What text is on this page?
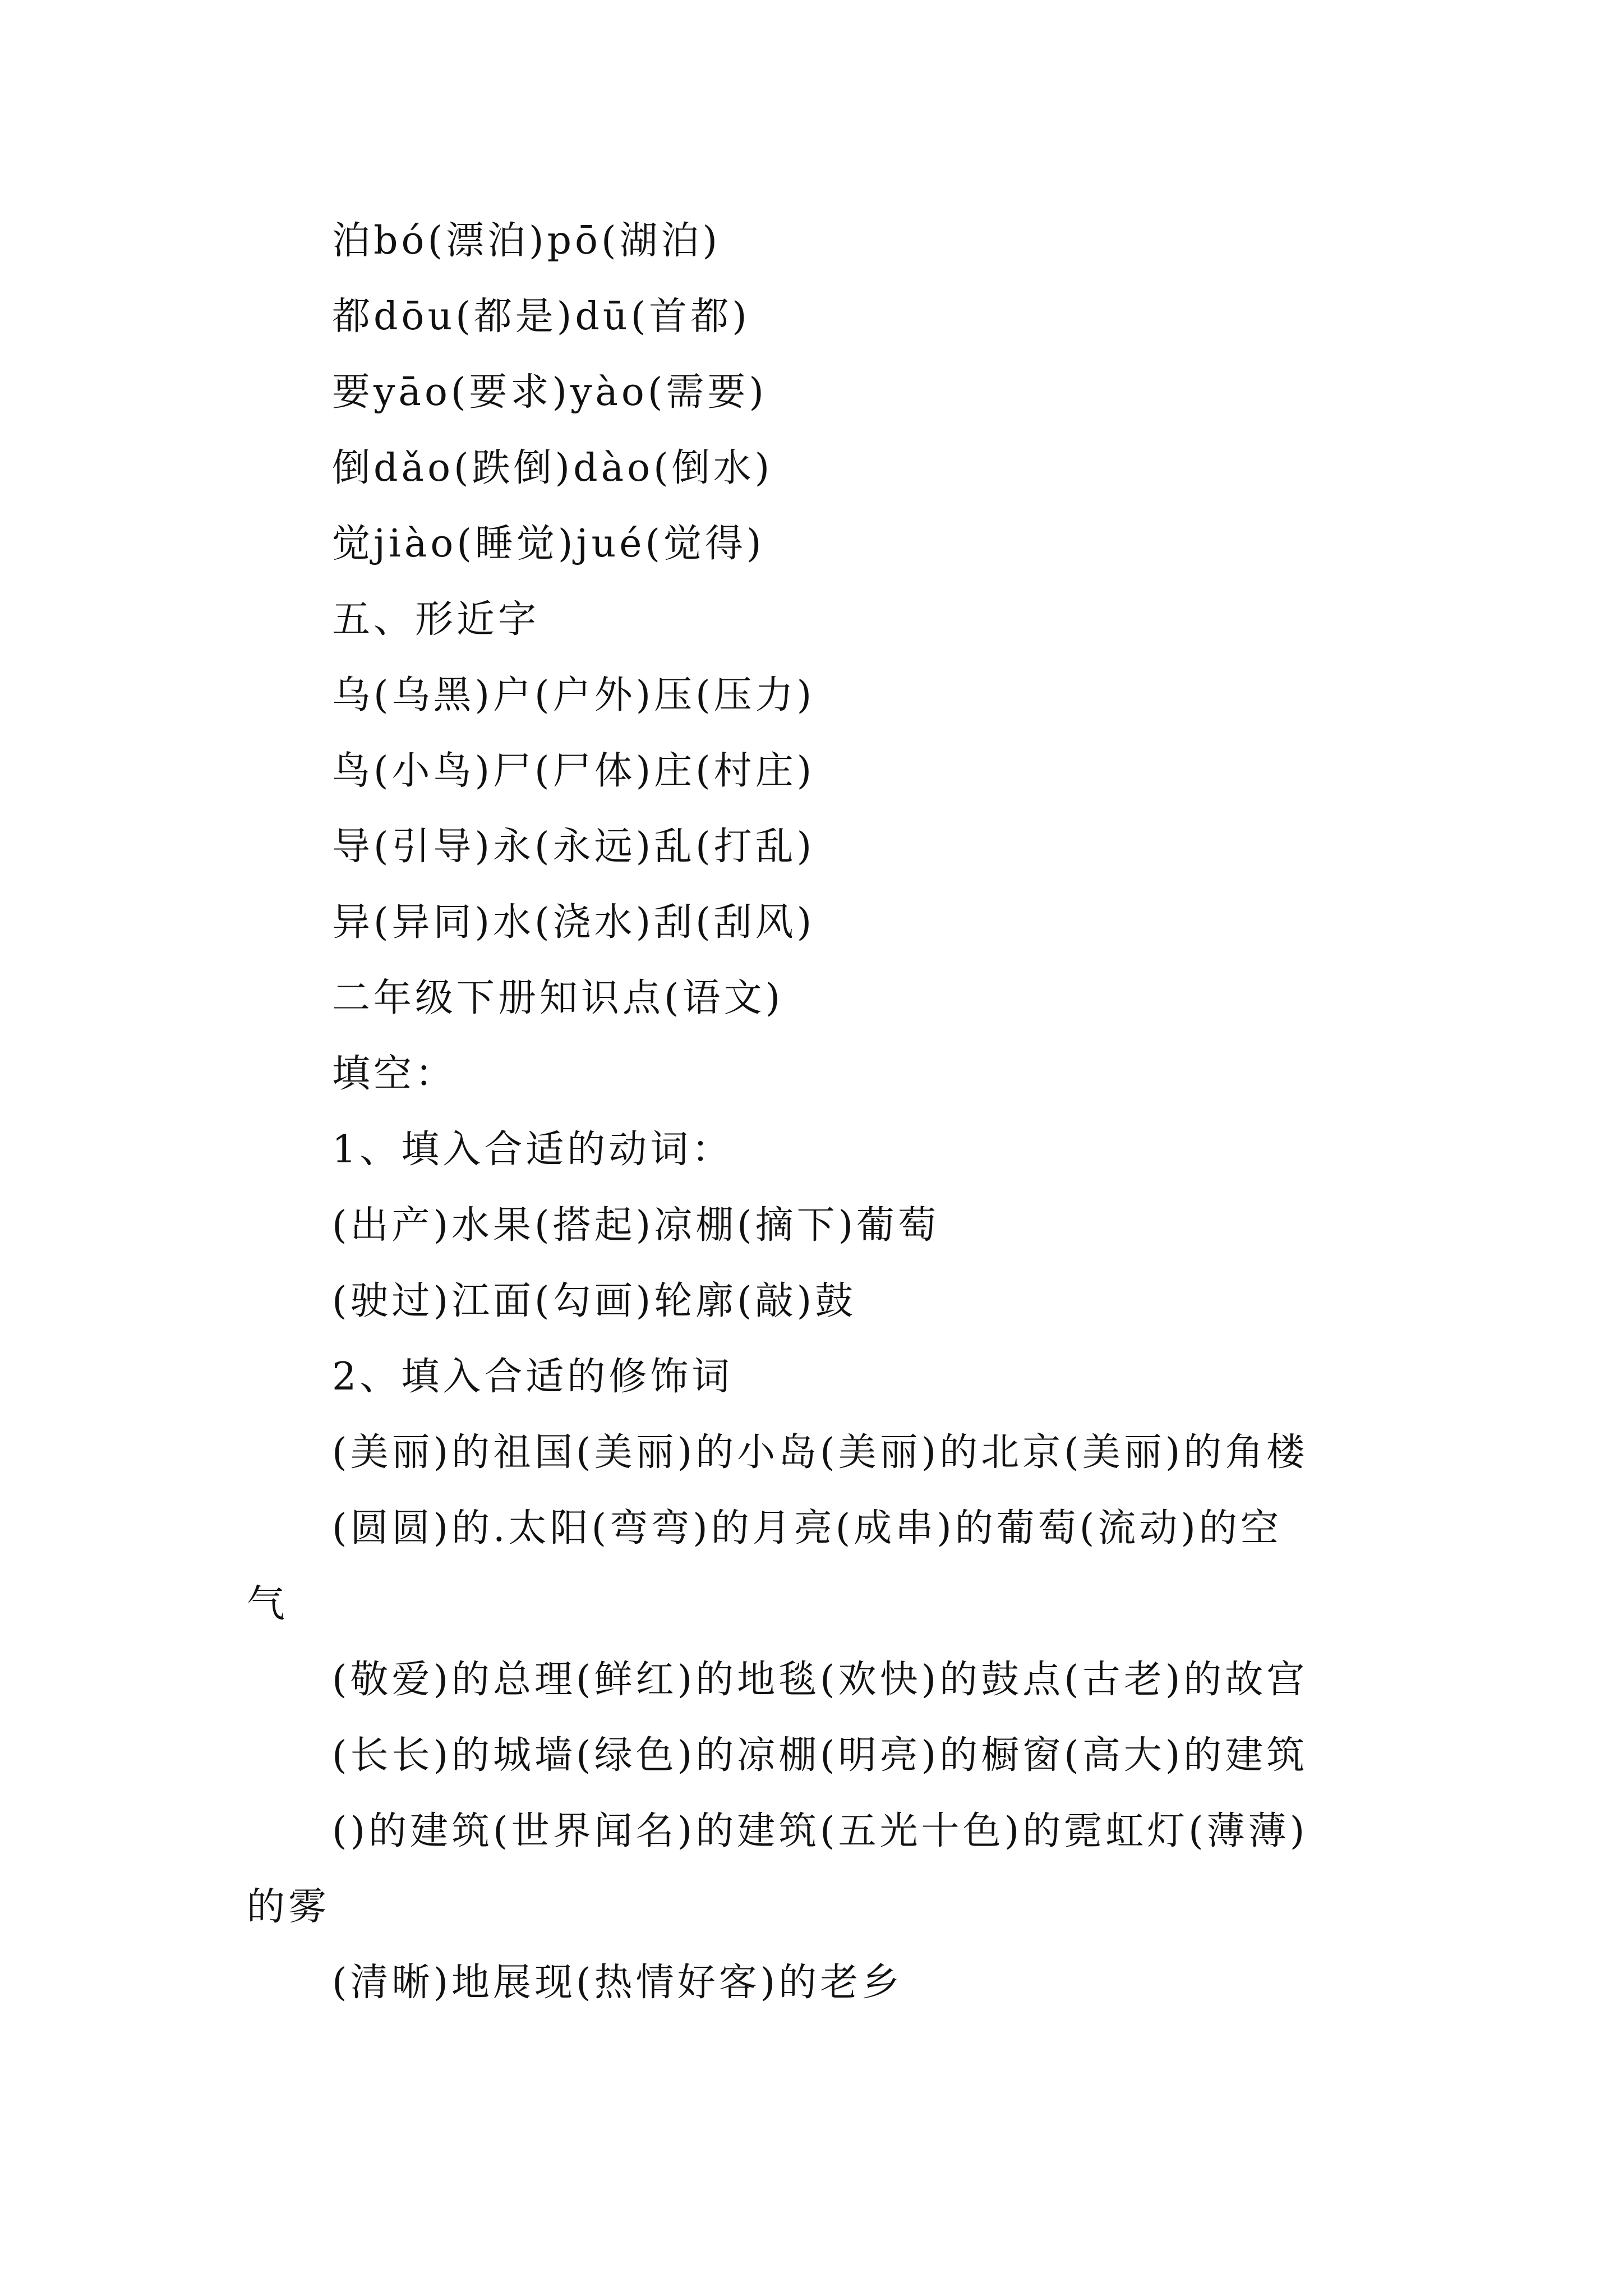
泊bó(漂泊)pō(湖泊)
都dōu(都是)dū(首都)
要yāo(要求)yào(需要)
倒dǎo(跌倒)dào(倒水)
觉jiào(睡觉)jué(觉得)
五、形近字
乌(乌黑)户(户外)压(压力)
鸟(小鸟)尸(尸体)庄(村庄)
导(引导)永(永远)乱(打乱)
异(异同)水(浇水)刮(刮风)
二年级下册知识点(语文)
填空：
1、填入合适的动词：
(出产)水果(搭起)凉棚(摘下)葡萄
(驶过)江面(勾画)轮廓(敲)鼓
2、填入合适的修饰词
(美丽)的祖国(美丽)的小岛(美丽)的北京(美丽)的角楼
(圆圆)的.太阳(弯弯)的月亮(成串)的葡萄(流动)的空
气
(敬爱)的总理(鲜红)的地毯(欢快)的鼓点(古老)的故宫
(长长)的城墙(绿色)的凉棚(明亮)的橱窗(高大)的建筑
()的建筑(世界闻名)的建筑(五光十色)的霓虹灯(薄薄)
的雾
(清晰)地展现(热情好客)的老乡
